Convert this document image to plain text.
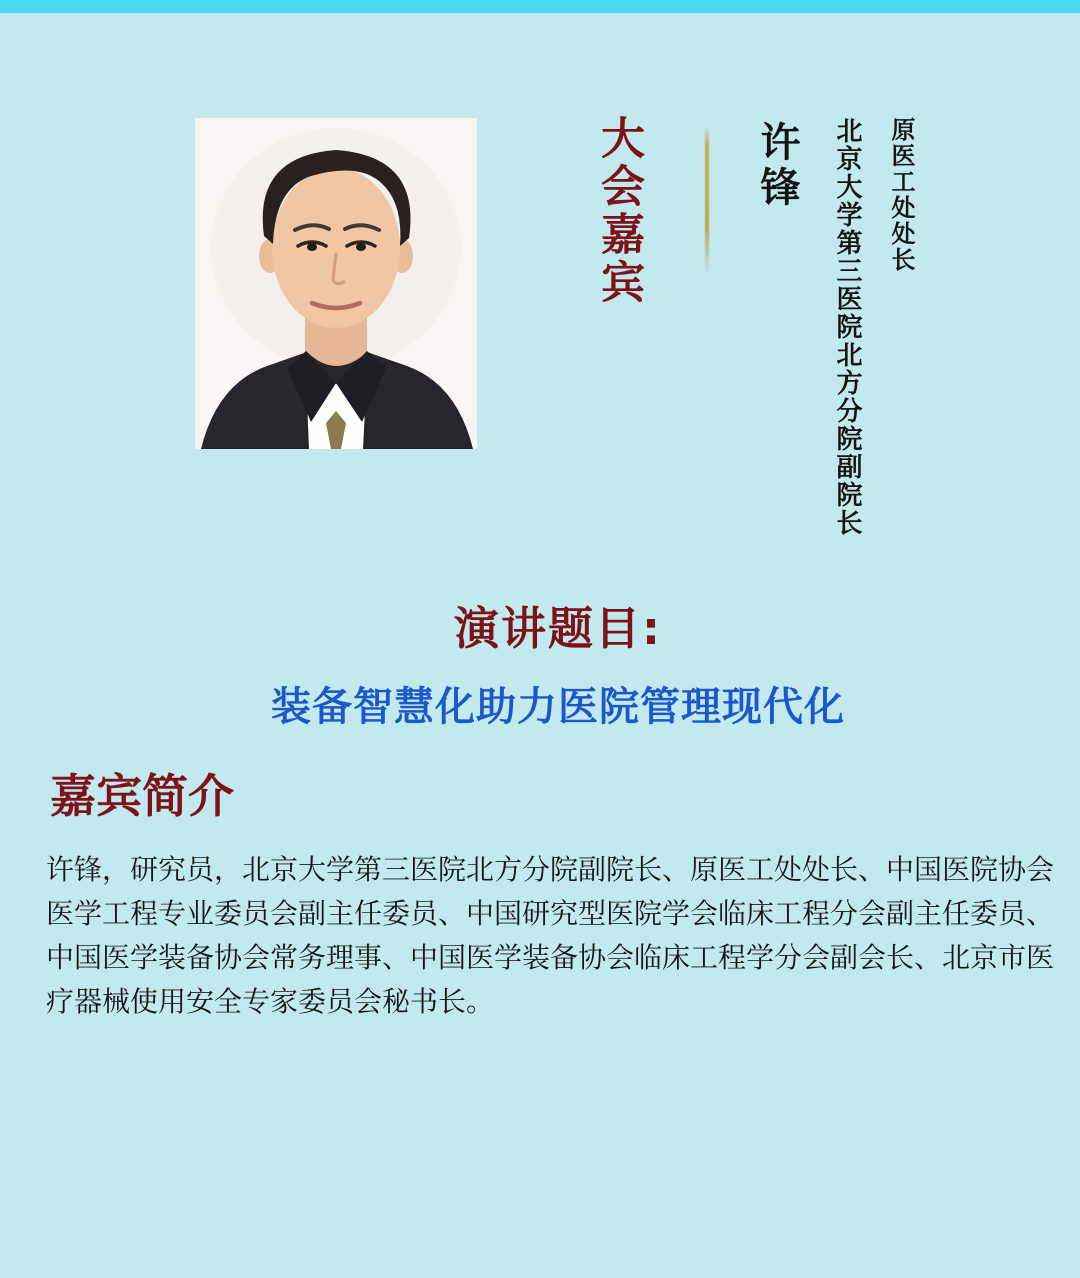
大会嘉宾	许锋 北京大学第三医院北方分院副院长 原医工处处长
演讲题目:
装备智慧化助力医院管理现代化
嘉宾简介
许锋，研究员，北京大学第三医院北方分院副院长、原医工处处长、中国医院协会
医学工程专业委员会副主任委员、中国研究型医院学会临床工程分会副主任委员、
中国医学装备协会常务理事、中国医学装备协会临床工程学分会副会长、北京市医
疗器械使用安全专家委员会秘书长。
